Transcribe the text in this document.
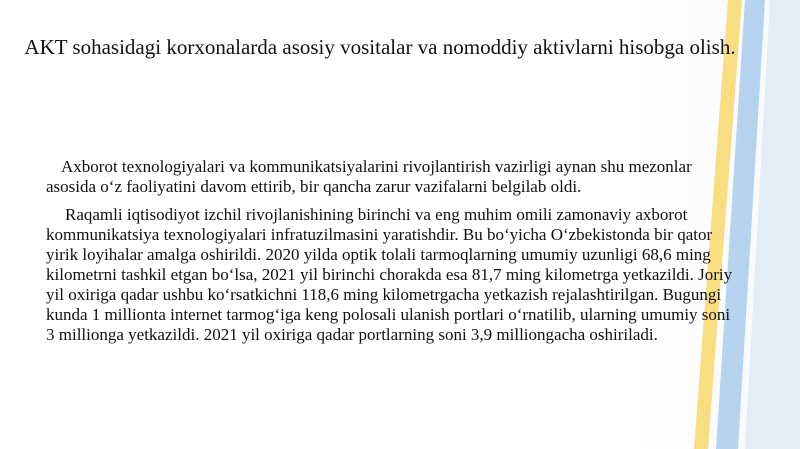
AKT sohasidagi korxonalarda asosiy vositalar va nomoddiy aktivlarni hisobga olish.

Axborot texnologiyalari va kommunikatsiyalarini rivojlantirish vazirligi aynan shu mezonlar asosida o‘z faoliyatini davom ettirib, bir qancha zarur vazifalarni belgilab oldi.

Raqamli iqtisodiyot izchil rivojlanishining birinchi va eng muhim omili zamonaviy axborot kommunikatsiya texnologiyalari infratuzilmasini yaratishdir. Bu bo‘yicha O‘zbekistonda bir qator yirik loyihalar amalga oshirildi. 2020 yilda optik tolali tarmoqlarning umumiy uzunligi 68,6 ming kilometrni tashkil etgan bo‘lsa, 2021 yil birinchi chorakda esa 81,7 ming kilometrga yetkazildi. Joriy yil oxiriga qadar ushbu ko‘rsatkichni 118,6 ming kilometrgacha yetkazish rejalashtirilgan. Bugungi kunda 1 millionta internet tarmog‘iga keng polosali ulanish portlari o‘rnatilib, ularning umumiy soni 3 millionga yetkazildi. 2021 yil oxiriga qadar portlarning soni 3,9 milliongacha oshiriladi.
